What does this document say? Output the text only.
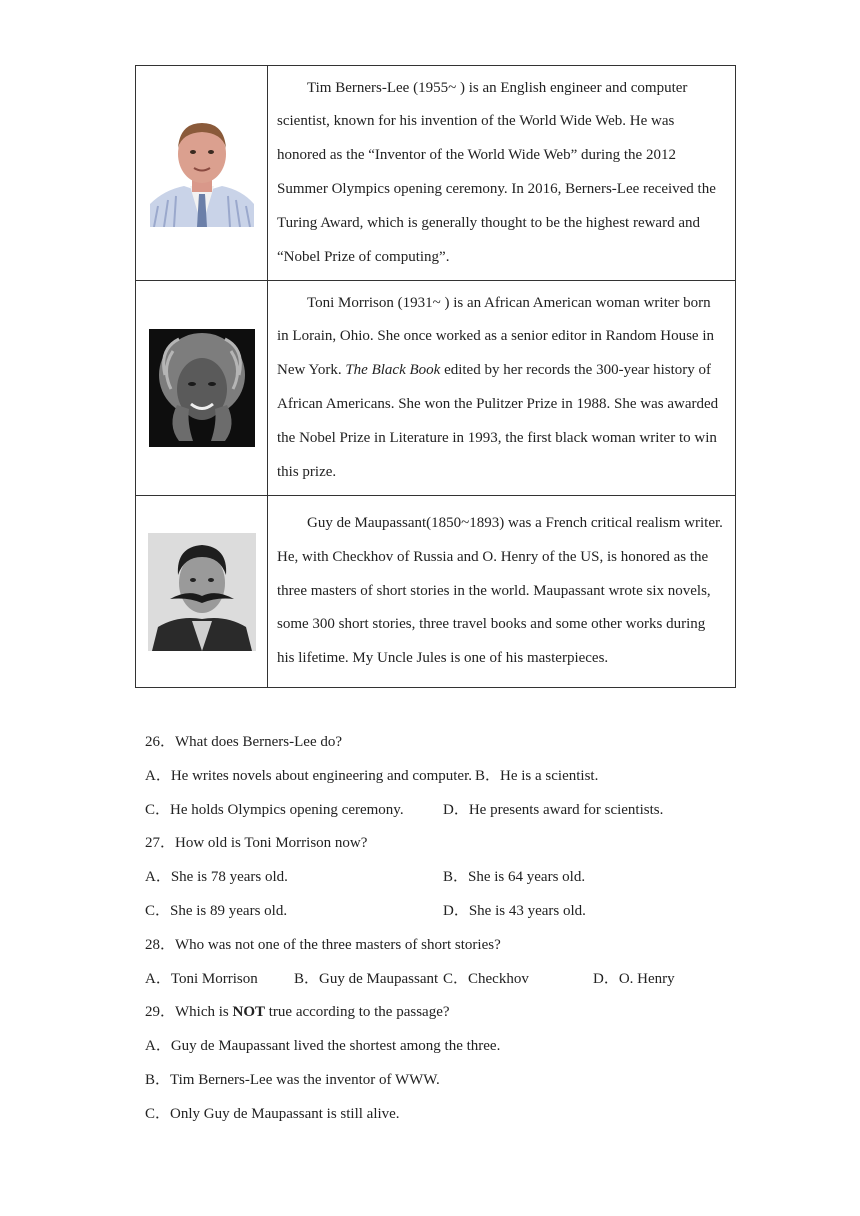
	Tim Berners-Lee (1955~ ) is an English engineer and computer scientist, known for his invention of the World Wide Web. He was honored as the “Inventor of the World Wide Web” during the 2012 Summer Olympics opening ceremony. In 2016, Berners-Lee received the Turing Award, which is generally thought to be the highest reward and “Nobel Prize of computing”.
	Toni Morrison (1931~ ) is an African American woman writer born in Lorain, Ohio. She once worked as a senior editor in Random House in New York. The Black Book edited by her records the 300-year history of African Americans. She won the Pulitzer Prize in 1988. She was awarded the Nobel Prize in Literature in 1993, the first black woman writer to win this prize.
	Guy de Maupassant(1850~1893) was a French critical realism writer. He, with Checkhov of Russia and O. Henry of the US, is honored as the three masters of short stories in the world. Maupassant wrote six novels, some 300 short stories, three travel books and some other works during his lifetime. My Uncle Jules is one of his masterpieces.
26．What does Berners-Lee do?
A．He writes novels about engineering and computer. B．He is a scientist.
C．He holds Olympics opening ceremony.	D．He presents award for scientists.
27．How old is Toni Morrison now?
A．She is 78 years old.	B．She is 64 years old.
C．She is 89 years old.	D．She is 43 years old.
28．Who was not one of the three masters of short stories?
A．Toni Morrison B．Guy de Maupassant C．Checkhov	D．O. Henry
29．Which is NOT true according to the passage?
A．Guy de Maupassant lived the shortest among the three.
B．Tim Berners-Lee was the inventor of WWW.
C．Only Guy de Maupassant is still alive.
